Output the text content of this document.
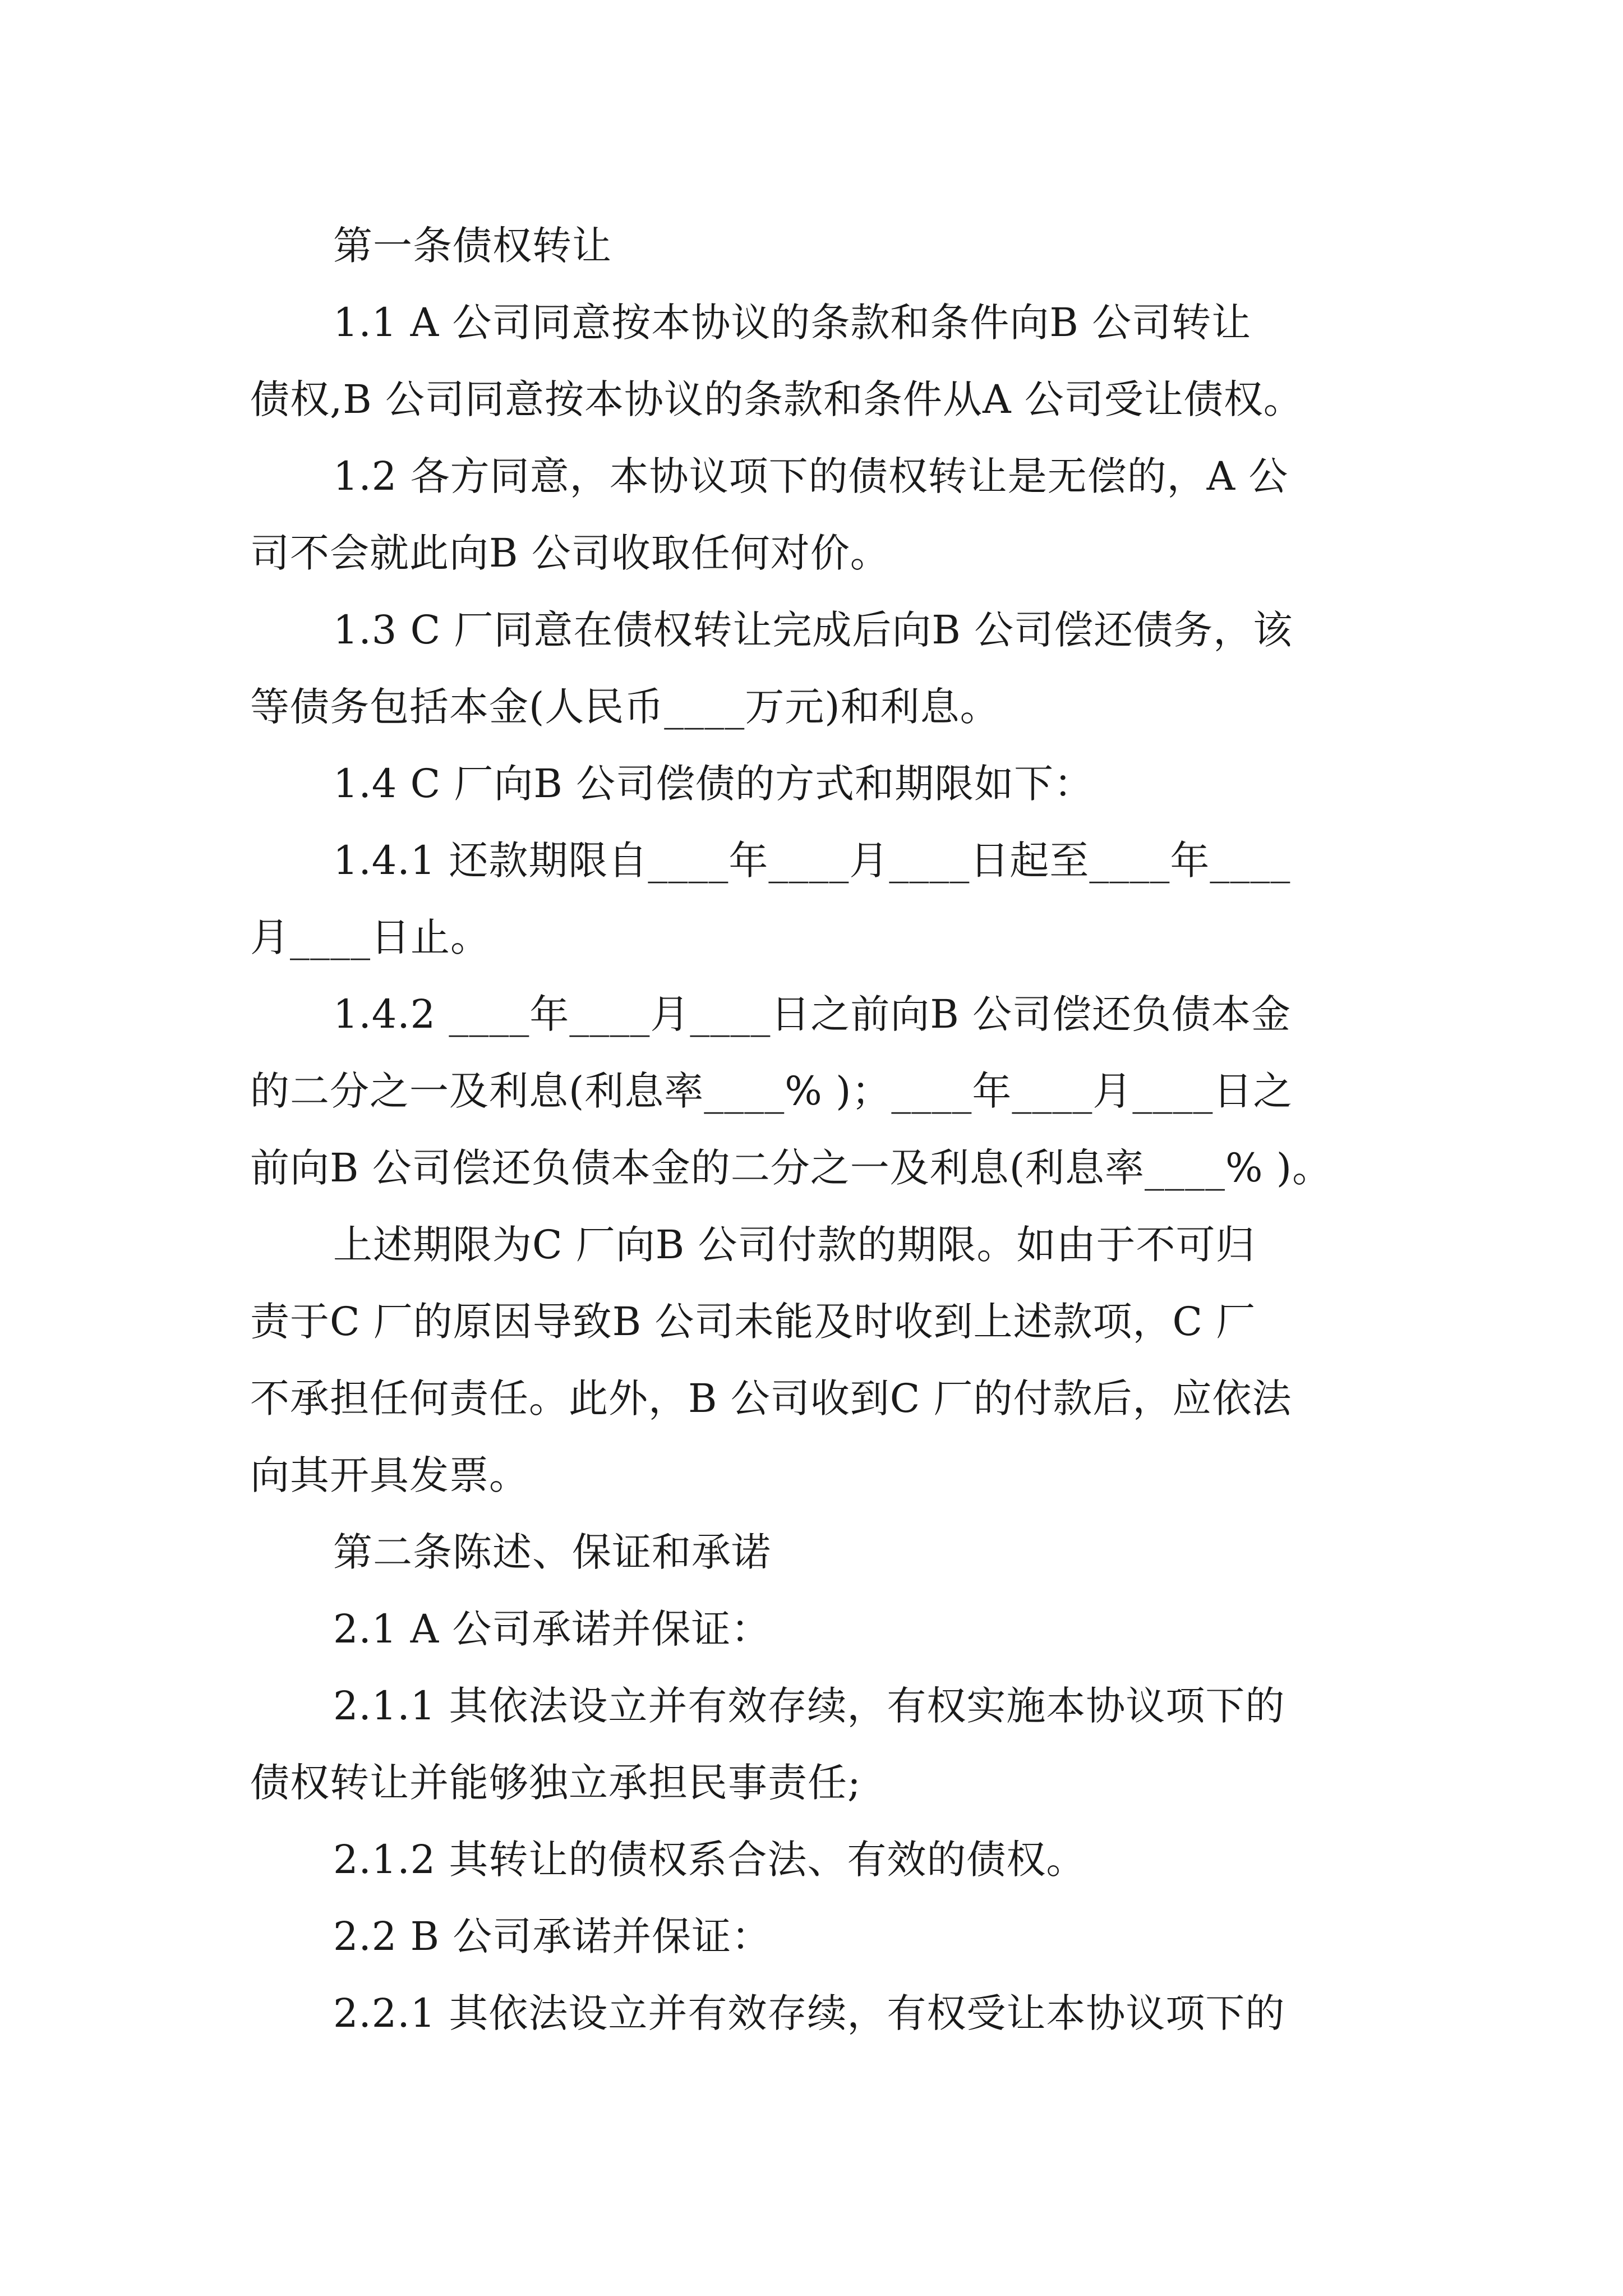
第一条债权转让
1.1 A 公司同意按本协议的条款和条件向B 公司转让
债权,B 公司同意按本协议的条款和条件从A 公司受让债权。
1.2 各方同意，本协议项下的债权转让是无偿的，A 公
司不会就此向B 公司收取任何对价。
1.3 C 厂同意在债权转让完成后向B 公司偿还债务，该
等债务包括本金(人民币____万元)和利息。
1.4 C 厂向B 公司偿债的方式和期限如下：
1.4.1 还款期限自____年____月____日起至____年____
月____日止。
1.4.2 ____年____月____日之前向B 公司偿还负债本金
的二分之一及利息(利息率____% )；____年____月____日之
前向B 公司偿还负债本金的二分之一及利息(利息率____% )。
上述期限为C 厂向B 公司付款的期限。如由于不可归
责于C 厂的原因导致B 公司未能及时收到上述款项，C 厂
不承担任何责任。此外，B 公司收到C 厂的付款后，应依法
向其开具发票。
第二条陈述、保证和承诺
2.1 A 公司承诺并保证：
2.1.1 其依法设立并有效存续，有权实施本协议项下的
债权转让并能够独立承担民事责任;
2.1.2 其转让的债权系合法、有效的债权。
2.2 B 公司承诺并保证：
2.2.1 其依法设立并有效存续，有权受让本协议项下的
